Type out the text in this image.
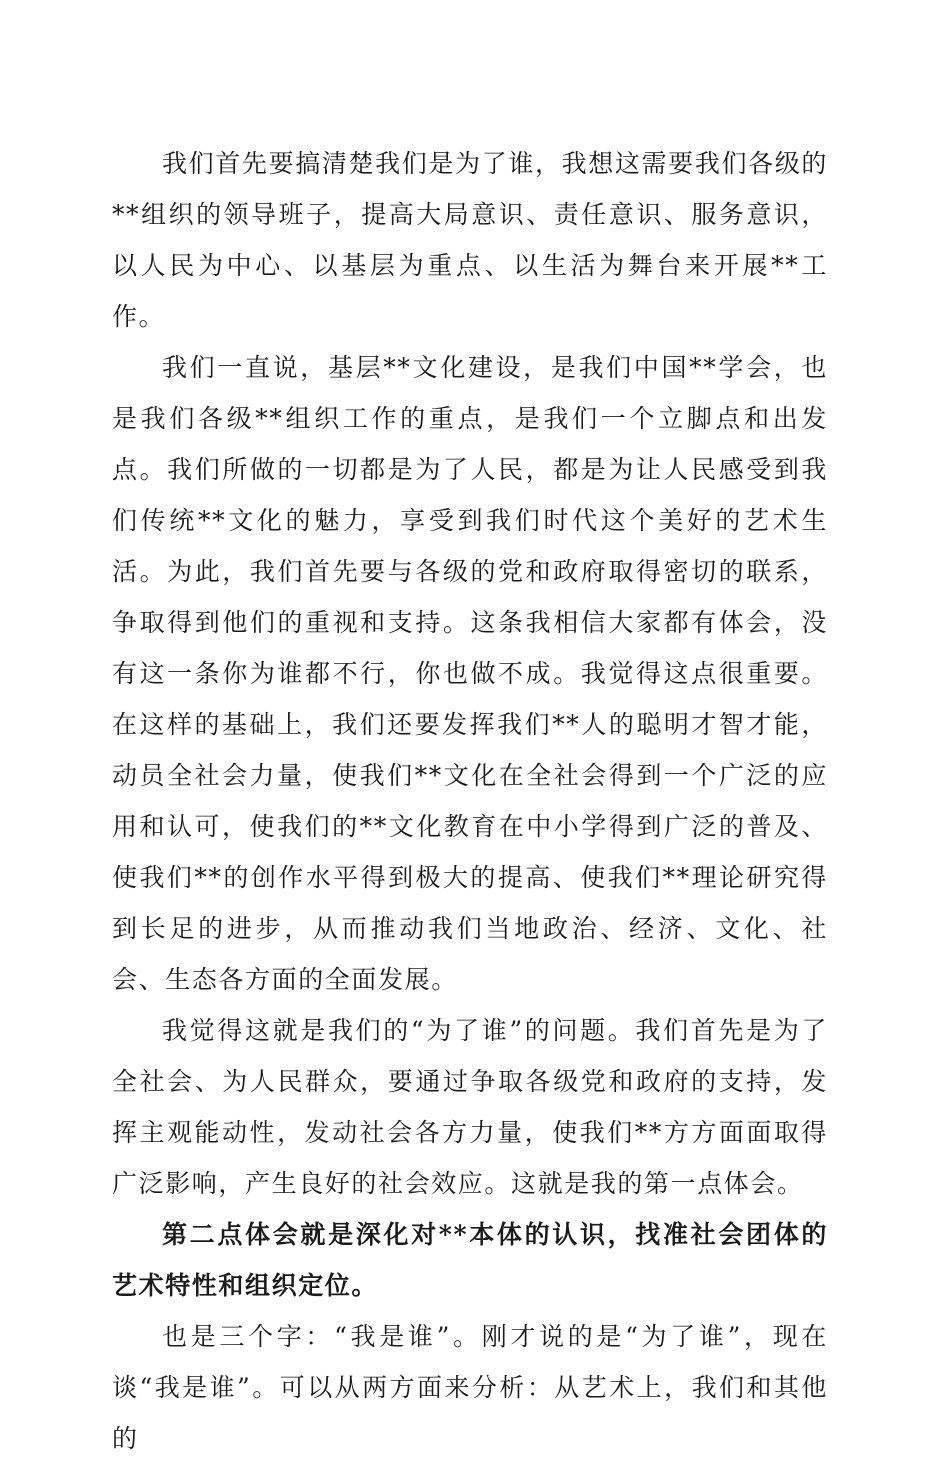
我们首先要搞清楚我们是为了谁，我想这需要我们各级的**组织的领导班子，提高大局意识、责任意识、服务意识，以人民为中心、以基层为重点、以生活为舞台来开展**工作。

我们一直说，基层**文化建设，是我们中国**学会，也是我们各级**组织工作的重点，是我们一个立脚点和出发点。我们所做的一切都是为了人民，都是为让人民感受到我们传统**文化的魅力，享受到我们时代这个美好的艺术生活。为此，我们首先要与各级的党和政府取得密切的联系，争取得到他们的重视和支持。这条我相信大家都有体会，没有这一条你为谁都不行，你也做不成。我觉得这点很重要。在这样的基础上，我们还要发挥我们**人的聪明才智才能，动员全社会力量，使我们**文化在全社会得到一个广泛的应用和认可，使我们的**文化教育在中小学得到广泛的普及、使我们**的创作水平得到极大的提高、使我们**理论研究得到长足的进步，从而推动我们当地政治、经济、文化、社会、生态各方面的全面发展。

我觉得这就是我们的“为了谁”的问题。我们首先是为了全社会、为人民群众，要通过争取各级党和政府的支持，发挥主观能动性，发动社会各方力量，使我们**方方面面取得广泛影响，产生良好的社会效应。这就是我的第一点体会。

第二点体会就是深化对**本体的认识，找准社会团体的艺术特性和组织定位。

也是三个字：“我是谁”。刚才说的是“为了谁”，现在谈“我是谁”。可以从两方面来分析：从艺术上，我们和其他的
